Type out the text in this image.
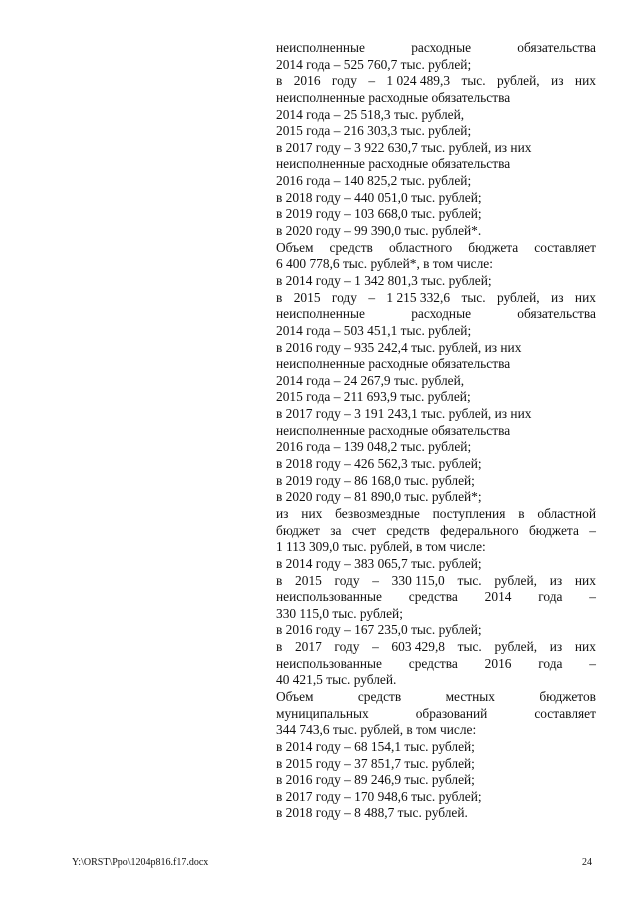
неисполненные	расходные	обязательства
2014 года – 525 760,7 тыс. рублей;
в 2016 году – 1 024 489,3 тыс. рублей, из них
неисполненные расходные обязательства
2014 года – 25 518,3 тыс. рублей,
2015 года – 216 303,3 тыс. рублей;
в 2017 году – 3 922 630,7 тыс. рублей, из них
неисполненные расходные обязательства
2016 года – 140 825,2 тыс. рублей;
в 2018 году – 440 051,0 тыс. рублей;
в 2019 году – 103 668,0 тыс. рублей;
в 2020 году – 99 390,0 тыс. рублей*.
Объем средств областного бюджета составляет
6 400 778,6 тыс. рублей*, в том числе:
в 2014 году – 1 342 801,3 тыс. рублей;
в 2015 году – 1 215 332,6 тыс. рублей, из них
неисполненные	расходные	обязательства
2014 года – 503 451,1 тыс. рублей;
в 2016 году – 935 242,4 тыс. рублей, из них
неисполненные расходные обязательства
2014 года – 24 267,9 тыс. рублей,
2015 года – 211 693,9 тыс. рублей;
в 2017 году – 3 191 243,1 тыс. рублей, из них
неисполненные расходные обязательства
2016 года – 139 048,2 тыс. рублей;
в 2018 году – 426 562,3 тыс. рублей;
в 2019 году – 86 168,0 тыс. рублей;
в 2020 году – 81 890,0 тыс. рублей*;
из них безвозмездные поступления в областной
бюджет за счет средств федерального бюджета –
1 113 309,0 тыс. рублей, в том числе:
в 2014 году – 383 065,7 тыс. рублей;
в 2015 году – 330 115,0 тыс. рублей, из них
неиспользованные средства 2014 года –
330 115,0 тыс. рублей;
в 2016 году – 167 235,0 тыс. рублей;
в 2017 году – 603 429,8 тыс. рублей, из них
неиспользованные средства 2016 года –
40 421,5 тыс. рублей.
Объем	средств	местных	бюджетов
муниципальных	образований	составляет
344 743,6 тыс. рублей, в том числе:
в 2014 году – 68 154,1 тыс. рублей;
в 2015 году – 37 851,7 тыс. рублей;
в 2016 году – 89 246,9 тыс. рублей;
в 2017 году – 170 948,6 тыс. рублей;
в 2018 году – 8 488,7 тыс. рублей.
Y:\ORST\Ppo\1204p816.f17.docx	24
